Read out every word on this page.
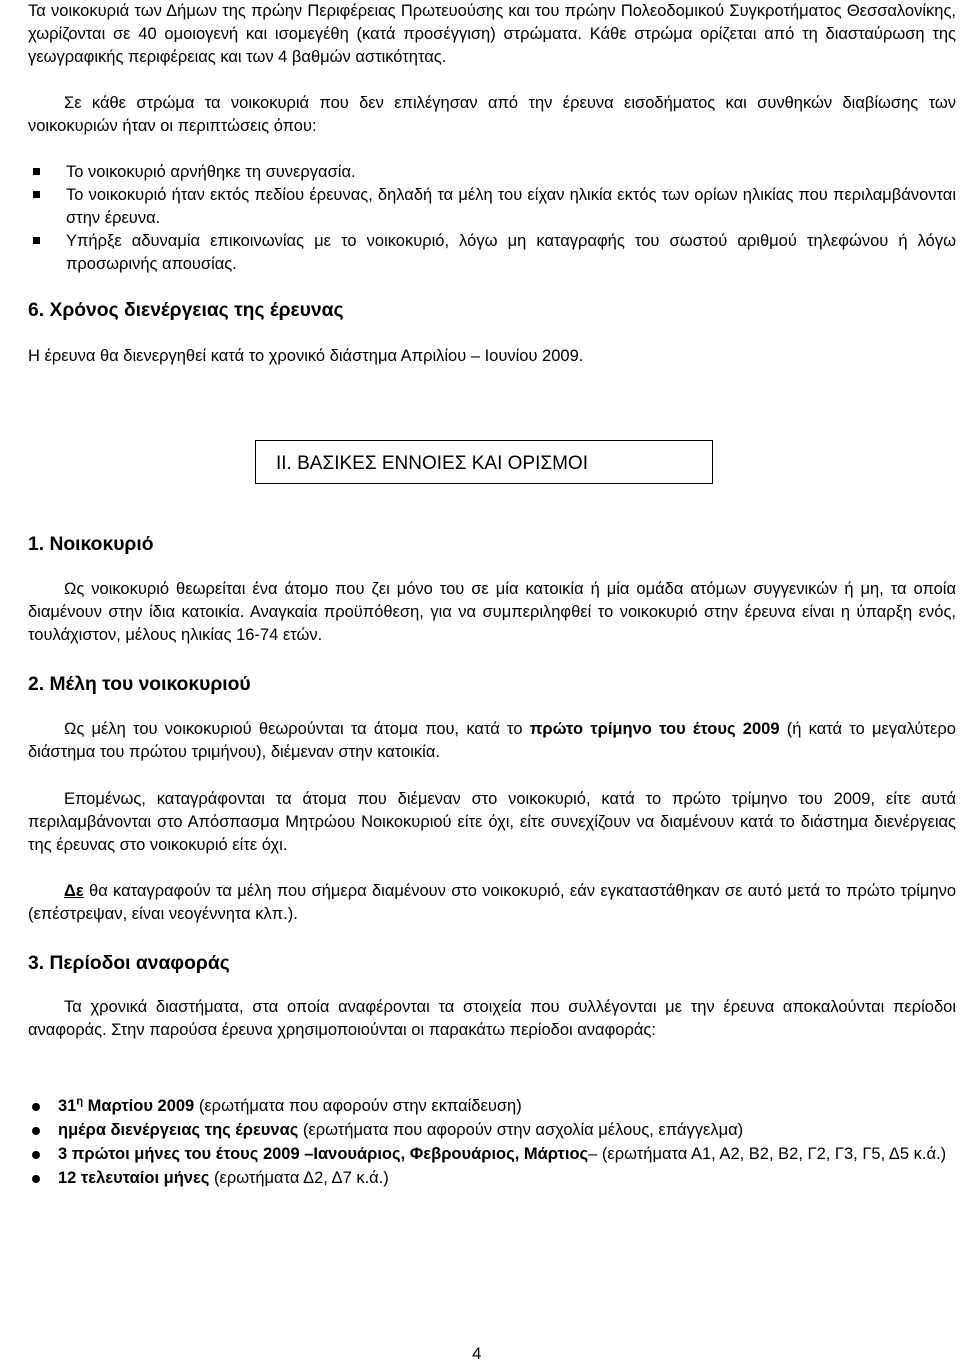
Τα νοικοκυριά των Δήμων της πρώην Περιφέρειας Πρωτευούσης και του πρώην Πολεοδομικού Συγκροτήματος Θεσσαλονίκης, χωρίζονται σε 40 ομοιογενή και ισομεγέθη (κατά προσέγγιση) στρώματα. Κάθε στρώμα ορίζεται από τη διασταύρωση της γεωγραφικής περιφέρειας και των 4 βαθμών αστικότητας.

Σε κάθε στρώμα τα νοικοκυριά που δεν επιλέγησαν από την έρευνα εισοδήματος και συνθηκών διαβίωσης των νοικοκυριών ήταν οι περιπτώσεις όπου:

Το νοικοκυριό αρνήθηκε τη συνεργασία.
Το νοικοκυριό ήταν εκτός πεδίου έρευνας, δηλαδή τα μέλη του είχαν ηλικία εκτός των ορίων ηλικίας που περιλαμβάνονται στην έρευνα.
Υπήρξε αδυναμία επικοινωνίας με το νοικοκυριό, λόγω μη καταγραφής του σωστού αριθμού τηλεφώνου ή λόγω προσωρινής απουσίας.
6. Χρόνος διενέργειας της έρευνας

Η έρευνα θα διενεργηθεί κατά το χρονικό διάστημα Απριλίου – Ιουνίου 2009.

ΙΙ. ΒΑΣΙΚΕΣ ΕΝΝΟΙΕΣ ΚΑΙ ΟΡΙΣΜΟΙ
1. Νοικοκυριό

Ως νοικοκυριό θεωρείται ένα άτομο που ζει μόνο του σε μία κατοικία ή μία ομάδα ατόμων συγγενικών ή μη, τα οποία διαμένουν στην ίδια κατοικία. Αναγκαία προϋπόθεση, για να συμπεριληφθεί το νοικοκυριό στην έρευνα είναι η ύπαρξη ενός, τουλάχιστον, μέλους ηλικίας 16-74 ετών.

2. Μέλη του νοικοκυριού

Ως μέλη του νοικοκυριού θεωρούνται τα άτομα που, κατά το πρώτο τρίμηνο του έτους 2009 (ή κατά το μεγαλύτερο διάστημα του πρώτου τριμήνου), διέμεναν στην κατοικία.

Επομένως, καταγράφονται τα άτομα που διέμεναν στο νοικοκυριό, κατά το πρώτο τρίμηνο του 2009, είτε αυτά περιλαμβάνονται στο Απόσπασμα Μητρώου Νοικοκυριού είτε όχι, είτε συνεχίζουν να διαμένουν κατά το διάστημα διενέργειας της έρευνας στο νοικοκυριό είτε όχι.

Δε θα καταγραφούν τα μέλη που σήμερα διαμένουν στο νοικοκυριό, εάν εγκαταστάθηκαν σε αυτό μετά το πρώτο τρίμηνο (επέστρεψαν, είναι νεογέννητα κλπ.).

3. Περίοδοι αναφοράς

Τα χρονικά διαστήματα, στα οποία αναφέρονται τα στοιχεία που συλλέγονται με την έρευνα αποκαλούνται περίοδοι αναφοράς. Στην παρούσα έρευνα χρησιμοποιούνται οι παρακάτω περίοδοι αναφοράς:

$31^\eta$ Μαρτίου 2009 (ερωτήματα που αφορούν στην εκπαίδευση)
ημέρα διενέργειας της έρευνας (ερωτήματα που αφορούν στην ασχολία μέλους, επάγγελμα)
3 πρώτοι μήνες του έτους 2009 –Ιανουάριος, Φεβρουάριος, Μάρτιος– (ερωτήματα Α1, Α2, Β2, Β2, Γ2, Γ3, Γ5, Δ5 κ.ά.)
12 τελευταίοι μήνες (ερωτήματα Δ2, Δ7 κ.ά.)
4
